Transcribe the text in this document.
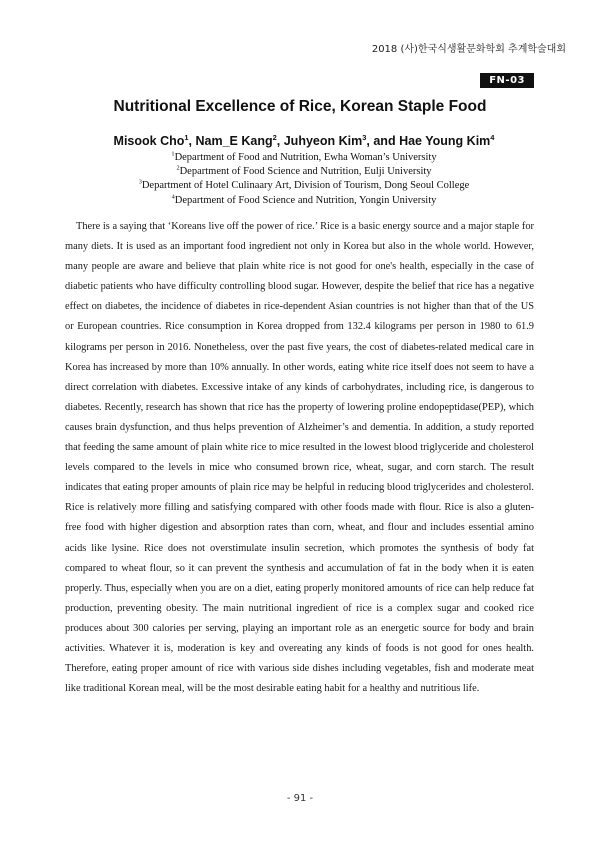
2018 (사)한국식생활문화학회 추계학술대회
FN-03
Nutritional Excellence of Rice, Korean Staple Food
Misook Cho$^1$, Nam_E Kang$^2$, Juhyeon Kim$^3$, and Hae Young Kim$^4$
$^1$Department of Food and Nutrition, Ewha Woman’s University
$^2$Department of Food Science and Nutrition, Eulji University
$^3$Department of Hotel Culinaary Art, Division of Tourism, Dong Seoul College
$^4$Department of Food Science and Nutrition, Yongin University

There is a saying that ‘Koreans live off the power of rice.’ Rice is a basic energy source and a major staple for many diets. It is used as an important food ingredient not only in Korea but also in the whole world. However, many people are aware and believe that plain white rice is not good for one's health, especially in the case of diabetic patients who have difficulty controlling blood sugar. However, despite the belief that rice has a negative effect on diabetes, the incidence of diabetes in rice-dependent Asian countries is not higher than that of the US or European countries. Rice consumption in Korea dropped from 132.4 kilograms per person in 1980 to 61.9 kilograms per person in 2016. Nonetheless, over the past five years, the cost of diabetes-related medical care in Korea has increased by more than 10% annually. In other words, eating white rice itself does not seem to have a direct correlation with diabetes. Excessive intake of any kinds of carbohydrates, including rice, is dangerous to diabetes. Recently, research has shown that rice has the property of lowering proline endopeptidase(PEP), which causes brain dysfunction, and thus helps prevention of Alzheimer’s and dementia. In addition, a study reported that feeding the same amount of plain white rice to mice resulted in the lowest blood triglyceride and cholesterol levels compared to the levels in mice who consumed brown rice, wheat, sugar, and corn starch. The result indicates that eating proper amounts of plain rice may be helpful in reducing blood triglycerides and cholesterol. Rice is relatively more filling and satisfying compared with other foods made with flour. Rice is also a gluten-free food with higher digestion and absorption rates than corn, wheat, and flour and includes essential amino acids like lysine. Rice does not overstimulate insulin secretion, which promotes the synthesis of body fat compared to wheat flour, so it can prevent the synthesis and accumulation of fat in the body when it is eaten properly. Thus, especially when you are on a diet, eating properly monitored amounts of rice can help reduce fat production, preventing obesity. The main nutritional ingredient of rice is a complex sugar and cooked rice produces about 300 calories per serving, playing an important role as an energetic source for body and brain activities. Whatever it is, moderation is key and overeating any kinds of foods is not good for ones health. Therefore, eating proper amount of rice with various side dishes including vegetables, fish and moderate meat like traditional Korean meal, will be the most desirable eating habit for a healthy and nutritious life.

- 91 -
